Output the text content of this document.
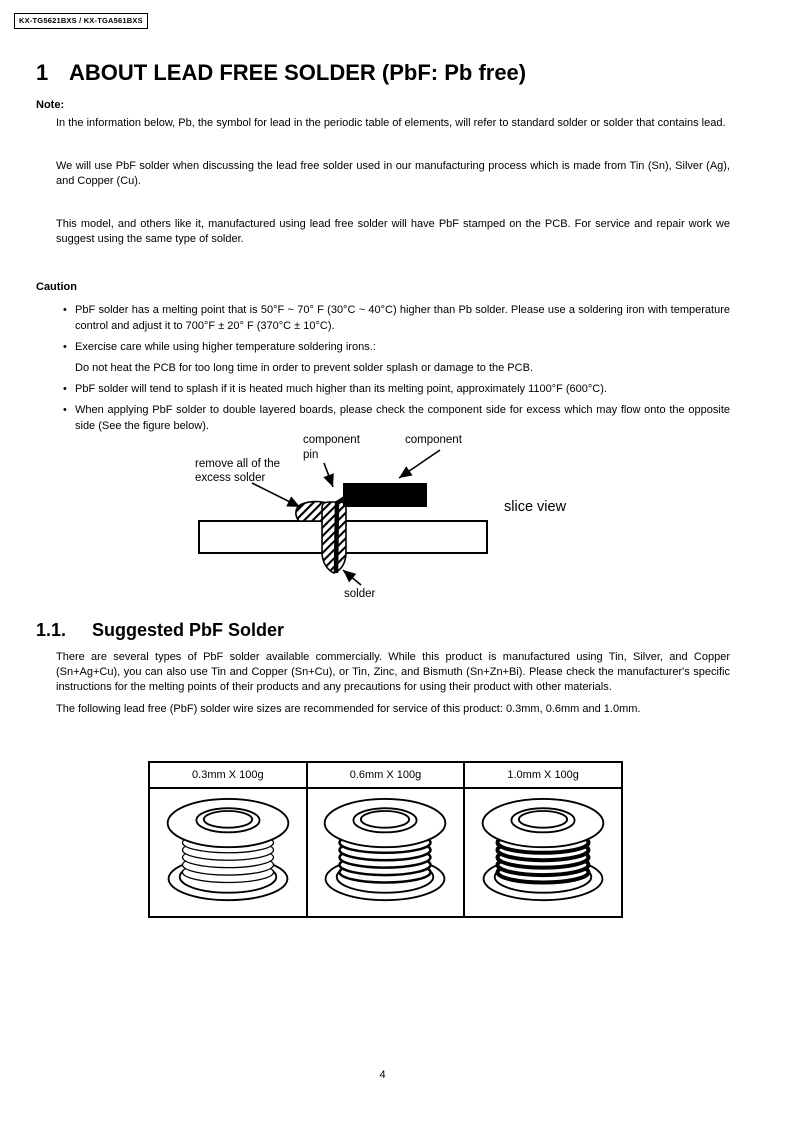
KX-TG5621BXS / KX-TGA561BXS
1 ABOUT LEAD FREE SOLDER (PbF: Pb free)
Note:

In the information below, Pb, the symbol for lead in the periodic table of elements, will refer to standard solder or solder that contains lead.

We will use PbF solder when discussing the lead free solder used in our manufacturing process which is made from Tin (Sn), Silver (Ag), and Copper (Cu).

This model, and others like it, manufactured using lead free solder will have PbF stamped on the PCB. For service and repair work we suggest using the same type of solder.

Caution
• PbF solder has a melting point that is 50°F ~ 70° F (30°C ~ 40°C) higher than Pb solder. Please use a soldering iron with temperature control and adjust it to 700°F ± 20° F (370°C ± 10°C).
• Exercise care while using higher temperature soldering irons.:
Do not heat the PCB for too long time in order to prevent solder splash or damage to the PCB.
• PbF solder will tend to splash if it is heated much higher than its melting point, approximately 1100°F (600°C).
• When applying PbF solder to double layered boards, please check the component side for excess which may flow onto the opposite side (See the figure below).
remove all of the
excess solder
component
pin
component
slice view
solder
1.1. Suggested PbF Solder

There are several types of PbF solder available commercially. While this product is manufactured using Tin, Silver, and Copper (Sn+Ag+Cu), you can also use Tin and Copper (Sn+Cu), or Tin, Zinc, and Bismuth (Sn+Zn+Bi). Please check the manufacturer's specific instructions for the melting points of their products and any precautions for using their product with other materials.

The following lead free (PbF) solder wire sizes are recommended for service of this product: 0.3mm, 0.6mm and 1.0mm.

0.3mm X 100g	0.6mm X 100g	1.0mm X 100g

4
